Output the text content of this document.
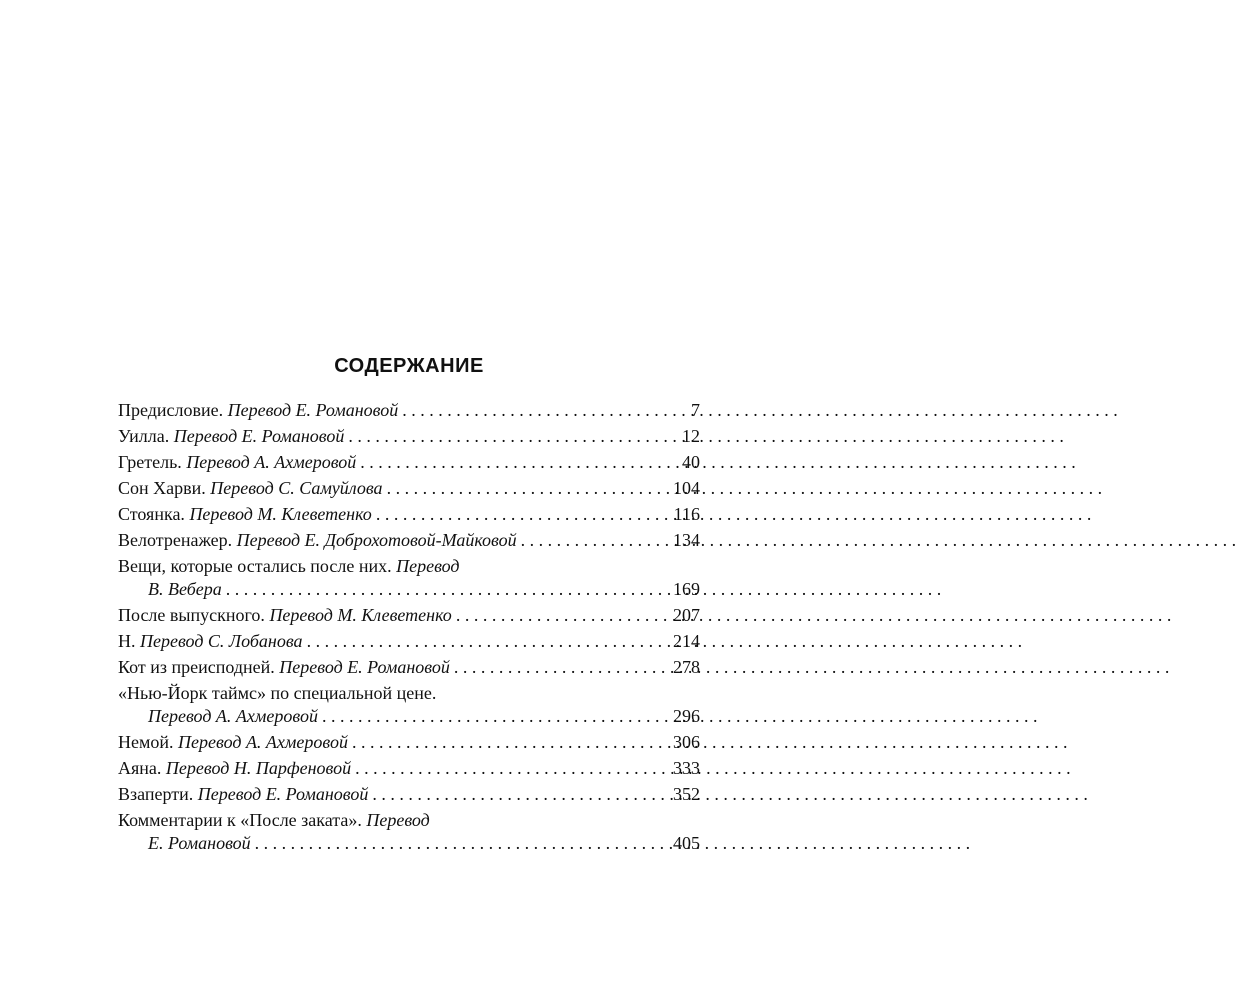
СОДЕРЖАНИЕ
Предисловие. Перевод Е. Романовой . . .	7
Уилла. Перевод Е. Романовой . . .	12
Гретель. Перевод А. Ахмеровой . . .	40
Сон Харви. Перевод С. Самуйлова . . .	104
Стоянка. Перевод М. Клеветенко . . .	116
Велотренажер. Перевод Е. Доброхотовой-Майковой . . .	134
Вещи, которые остались после них. Перевод
В. Вебера . . .	169
После выпускного. Перевод М. Клеветенко . . .	207
Н. Перевод С. Лобанова . . .	214
Кот из преисподней. Перевод Е. Романовой . . .	278
«Нью-Йорк таймс» по специальной цене.
Перевод А. Ахмеровой . . .	296
Немой. Перевод А. Ахмеровой . . .	306
Аяна. Перевод Н. Парфеновой . . .	333
Взаперти. Перевод Е. Романовой . . .	352
Комментарии к «После заката». Перевод
Е. Романовой . . .	405
